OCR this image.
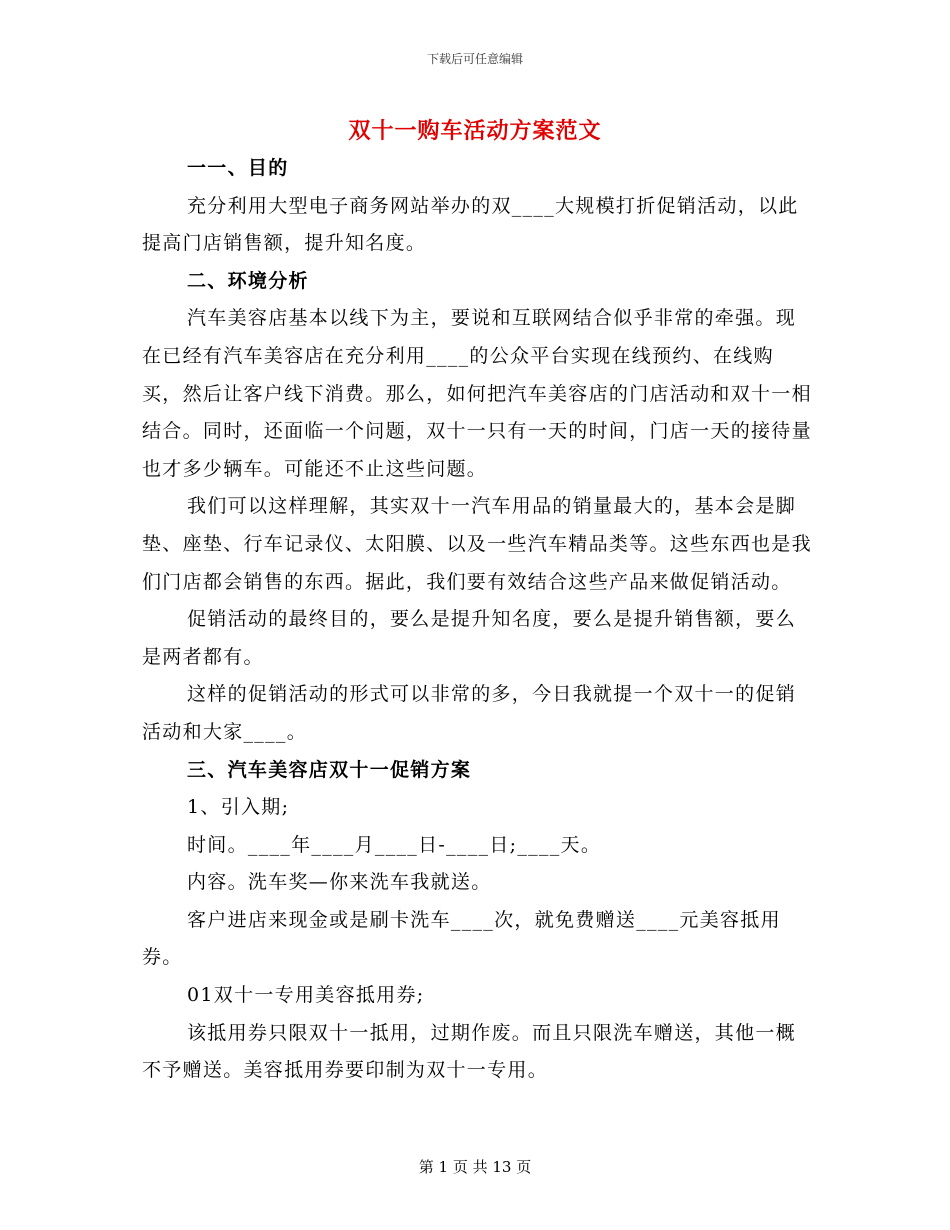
下载后可任意编辑
双十一购车活动方案范文

一一、目的

充分利用大型电子商务网站举办的双____大规模打折促销活动，以此提高门店销售额，提升知名度。

二、环境分析

汽车美容店基本以线下为主，要说和互联网结合似乎非常的牵强。现在已经有汽车美容店在充分利用____的公众平台实现在线预约、在线购买，然后让客户线下消费。那么，如何把汽车美容店的门店活动和双十一相结合。同时，还面临一个问题，双十一只有一天的时间，门店一天的接待量也才多少辆车。可能还不止这些问题。

我们可以这样理解，其实双十一汽车用品的销量最大的，基本会是脚垫、座垫、行车记录仪、太阳膜、以及一些汽车精品类等。这些东西也是我们门店都会销售的东西。据此，我们要有效结合这些产品来做促销活动。

促销活动的最终目的，要么是提升知名度，要么是提升销售额，要么是两者都有。

这样的促销活动的形式可以非常的多，今日我就提一个双十一的促销活动和大家____。

三、汽车美容店双十一促销方案

1、引入期;

时间。____年____月____日-____日;____天。

内容。洗车奖—你来洗车我就送。

客户进店来现金或是刷卡洗车____次，就免费赠送____元美容抵用券。

01双十一专用美容抵用券;

该抵用券只限双十一抵用，过期作废。而且只限洗车赠送，其他一概不予赠送。美容抵用券要印制为双十一专用。

第 1 页 共 13 页
